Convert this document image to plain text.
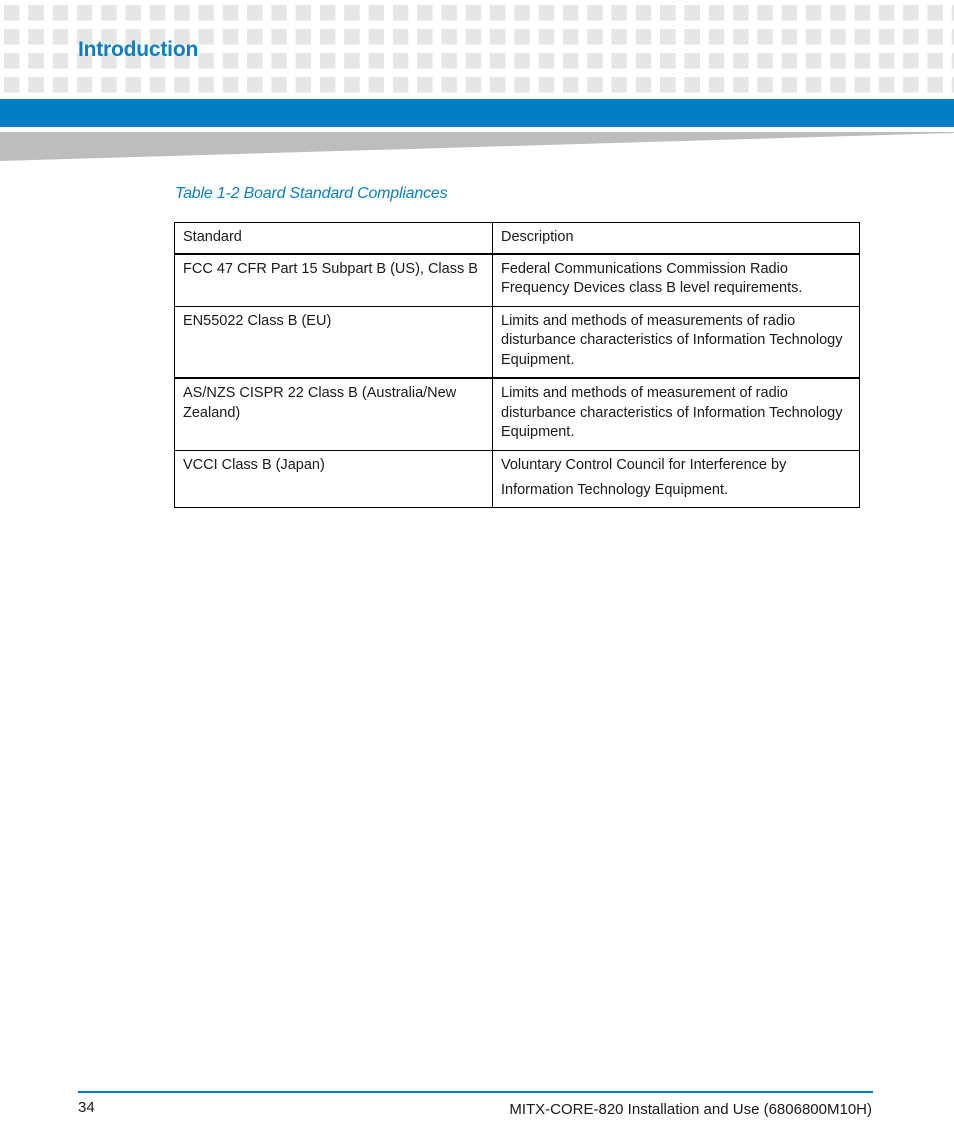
Introduction
Table 1-2 Board Standard Compliances
Standard	Description
FCC 47 CFR Part 15 Subpart B (US), Class B	Federal Communications Commission Radio Frequency Devices class B level requirements.
EN55022 Class B (EU)	Limits and methods of measurements of radio disturbance characteristics of Information Technology Equipment.
AS/NZS CISPR 22 Class B (Australia/New Zealand)	Limits and methods of measurement of radio disturbance characteristics of Information Technology Equipment.
VCCI Class B (Japan)	Voluntary Control Council for Interference by Information Technology Equipment.
34	MITX-CORE-820 Installation and Use (6806800M10H)
